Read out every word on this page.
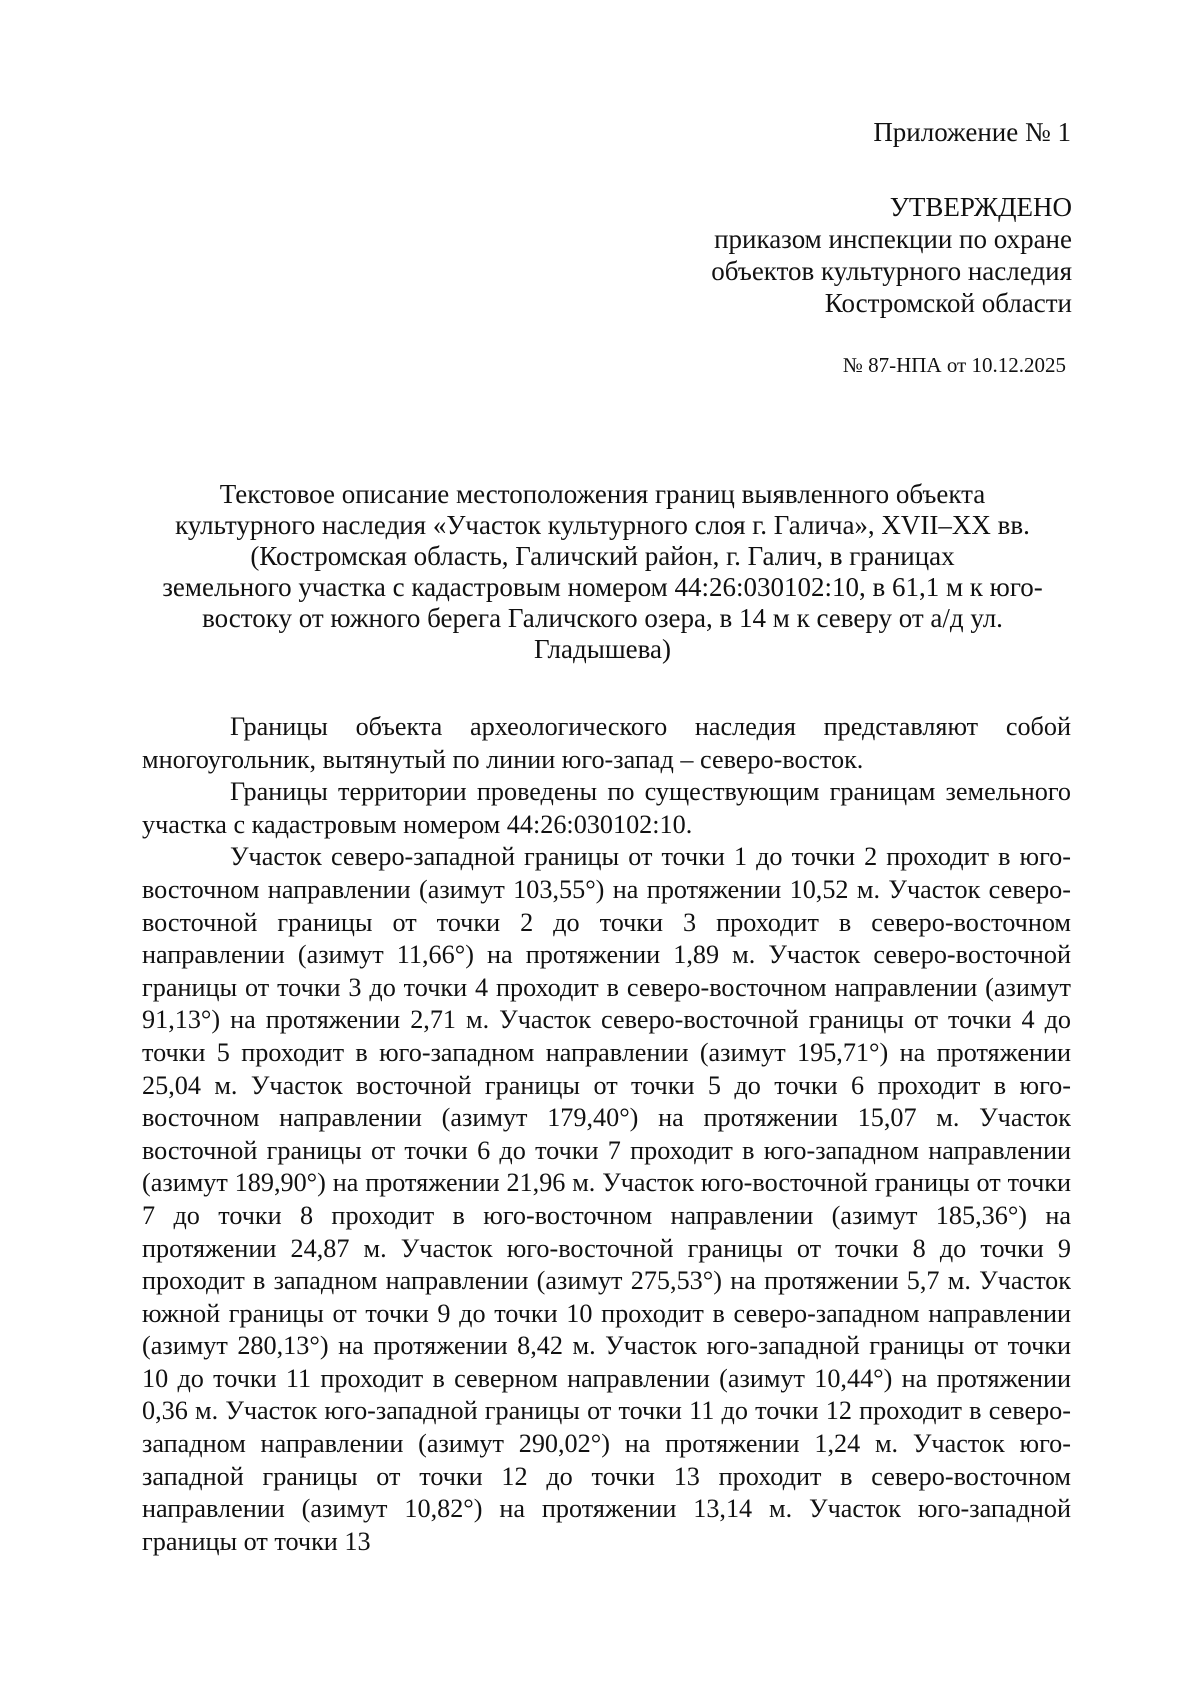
Приложение № 1
УТВЕРЖДЕНО
приказом инспекции по охране
объектов культурного наследия
Костромской области
№ 87-НПА от 10.12.2025
Текстовое описание местоположения границ выявленного объекта
культурного наследия «Участок культурного слоя г. Галича», XVII–XX вв.
(Костромская область, Галичский район, г. Галич, в границах
земельного участка с кадастровым номером 44:26:030102:10, в 61,1 м к юго-
востоку от южного берега Галичского озера, в 14 м к северу от а/д ул.
Гладышева)

Границы объекта археологического наследия представляют собой многоугольник, вытянутый по линии юго-запад – северо-восток.

Границы территории проведены по существующим границам земельного участка с кадастровым номером 44:26:030102:10.

Участок северо-западной границы от точки 1 до точки 2 проходит в юго-восточном направлении (азимут 103,55°) на протяжении 10,52 м. Участок северо-восточной границы от точки 2 до точки 3 проходит в северо-восточном направлении (азимут 11,66°) на протяжении 1,89 м. Участок северо-восточной границы от точки 3 до точки 4 проходит в северо-восточном направлении (азимут 91,13°) на протяжении 2,71 м. Участок северо-восточной границы от точки 4 до точки 5 проходит в юго-западном направлении (азимут 195,71°) на протяжении 25,04 м. Участок восточной границы от точки 5 до точки 6 проходит в юго-восточном направлении (азимут 179,40°) на протяжении 15,07 м. Участок восточной границы от точки 6 до точки 7 проходит в юго-западном направлении (азимут 189,90°) на протяжении 21,96 м. Участок юго-восточной границы от точки 7 до точки 8 проходит в юго-восточном направлении (азимут 185,36°) на протяжении 24,87 м. Участок юго-восточной границы от точки 8 до точки 9 проходит в западном направлении (азимут 275,53°) на протяжении 5,7 м. Участок южной границы от точки 9 до точки 10 проходит в северо-западном направлении (азимут 280,13°) на протяжении 8,42 м. Участок юго-западной границы от точки 10 до точки 11 проходит в северном направлении (азимут 10,44°) на протяжении 0,36 м. Участок юго-западной границы от точки 11 до точки 12 проходит в северо-западном направлении (азимут 290,02°) на протяжении 1,24 м. Участок юго-западной границы от точки 12 до точки 13 проходит в северо-восточном направлении (азимут 10,82°) на протяжении 13,14 м. Участок юго-западной границы от точки 13
